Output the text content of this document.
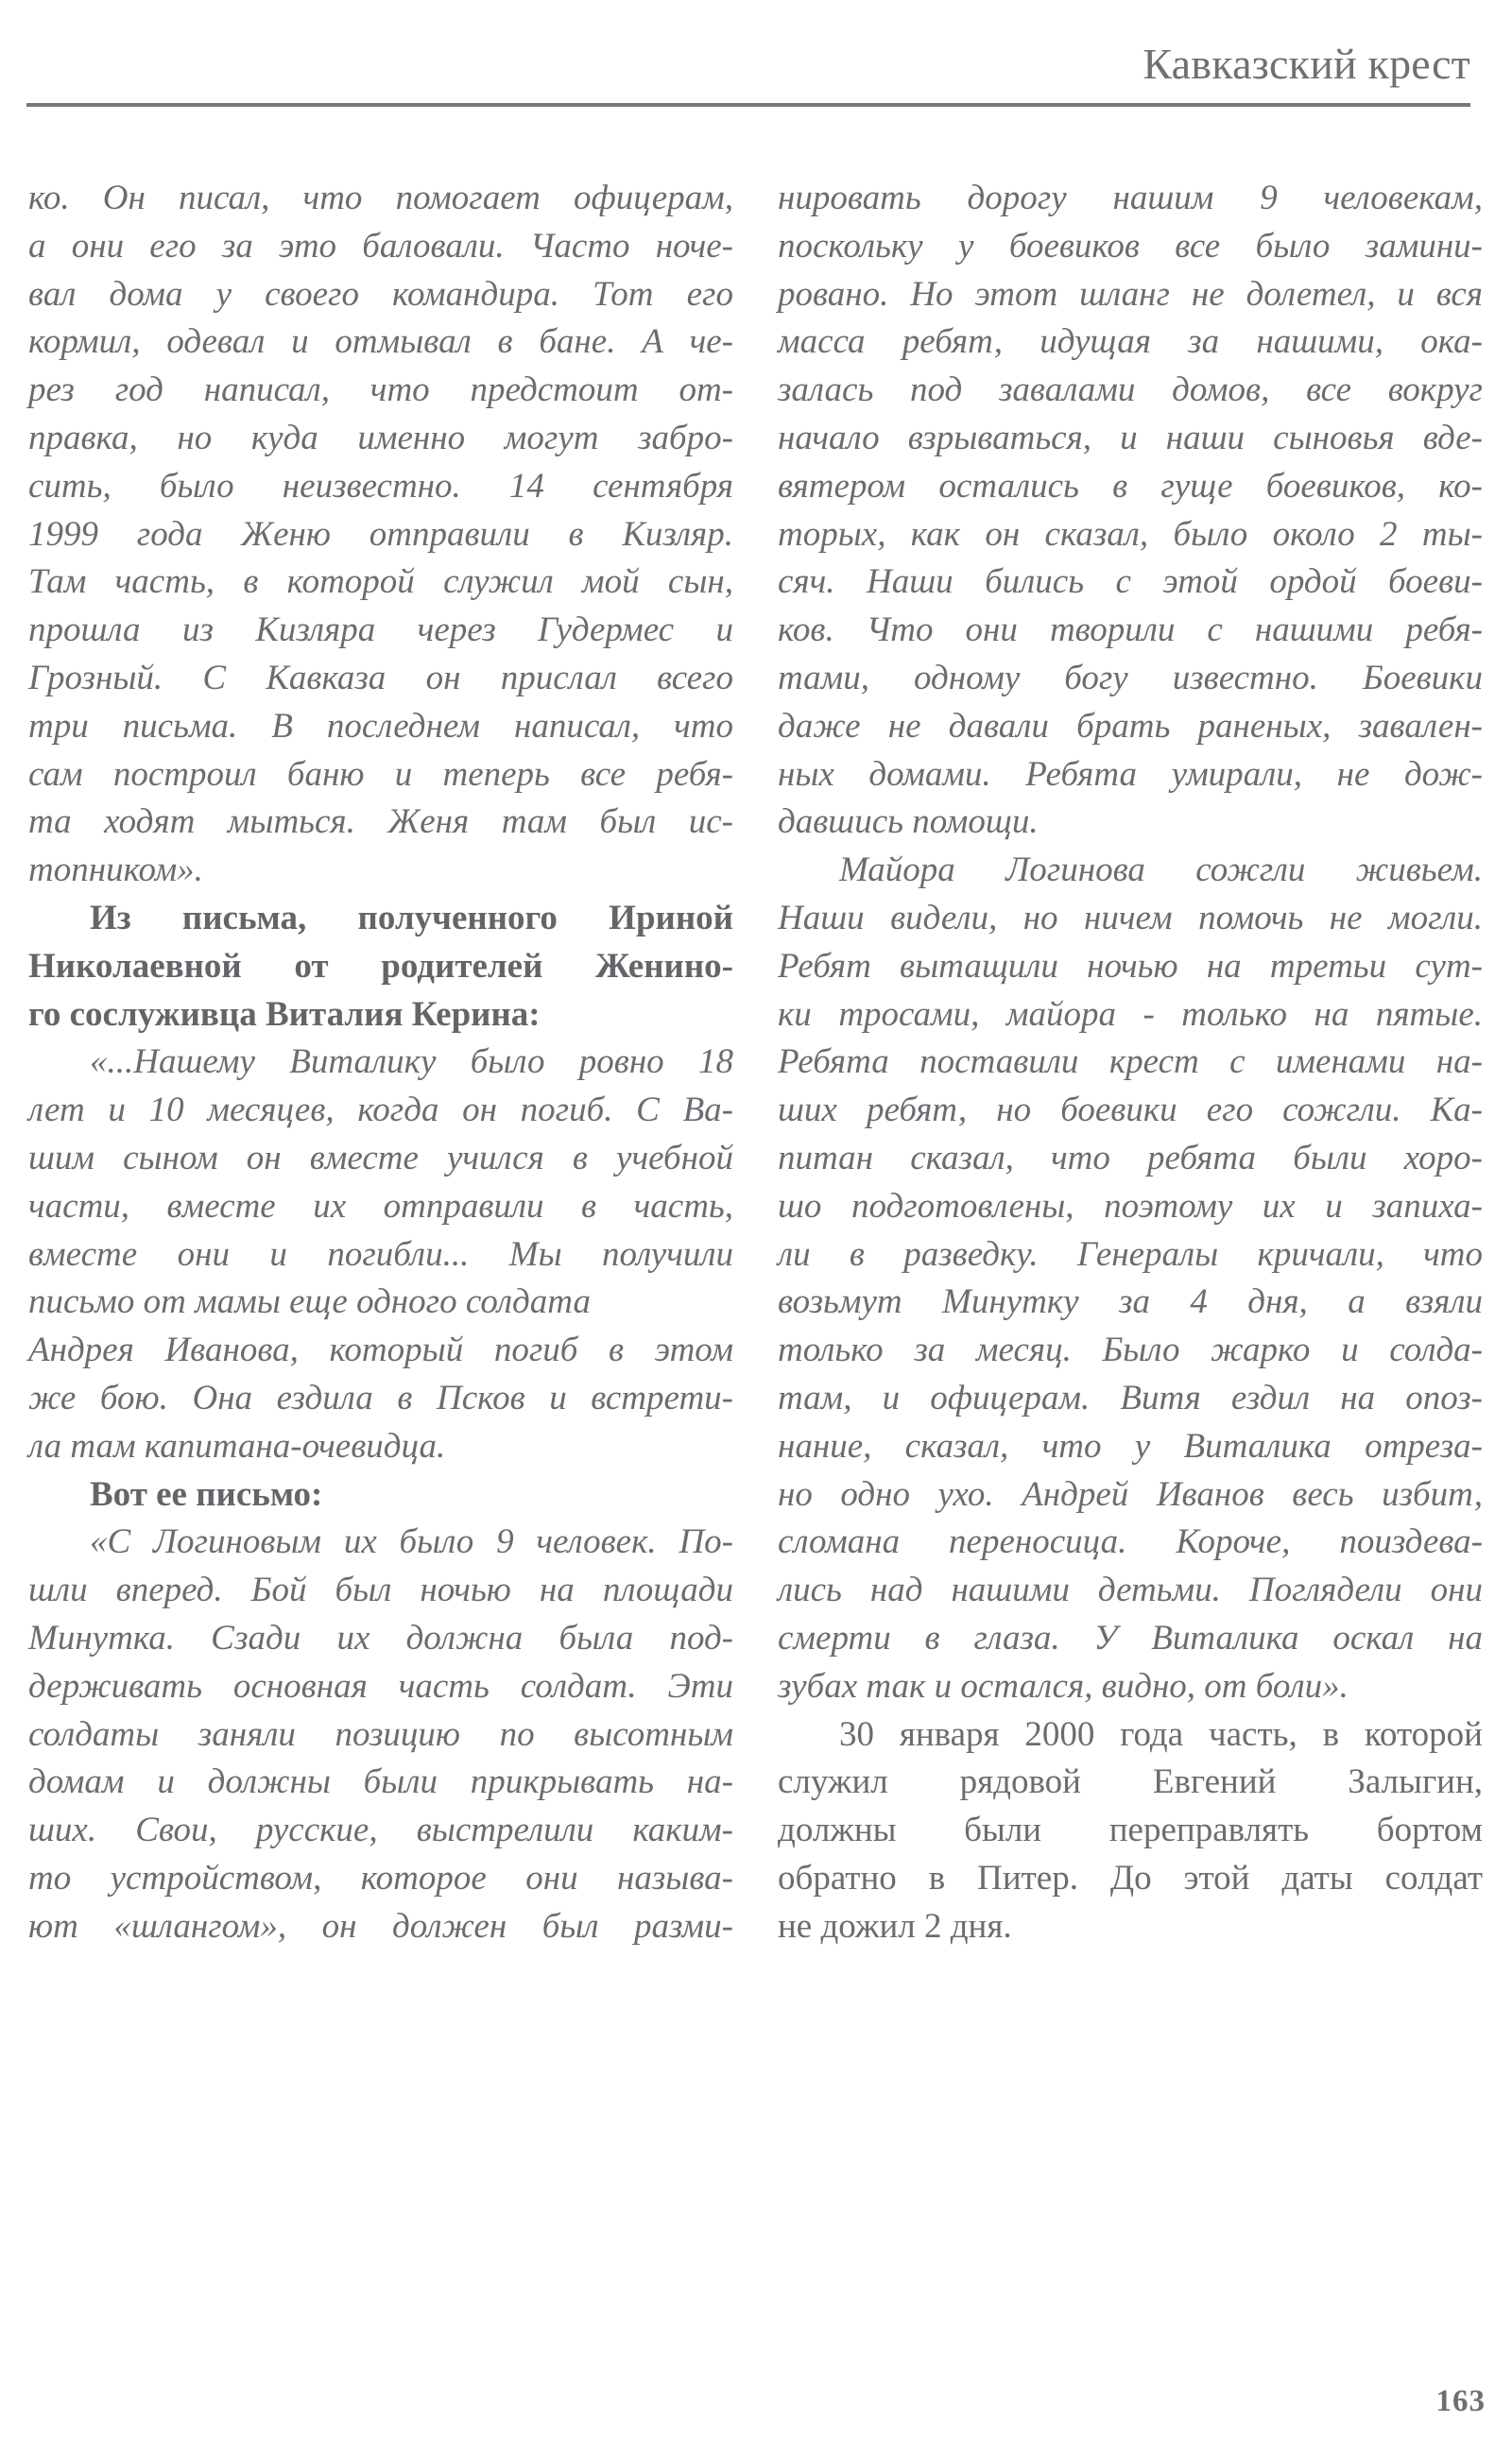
Кавказский крест
ко. Он писал, что помогает офицерам,
а они его за это баловали. Часто ноче-
вал дома у своего командира. Тот его
кормил, одевал и отмывал в бане. А че-
рез год написал, что предстоит от-
правка, но куда именно могут забро-
сить, было неизвестно. 14 сентября
1999 года Женю отправили в Кизляр.
Там часть, в которой служил мой сын,
прошла из Кизляра через Гудермес и
Грозный. С Кавказа он прислал всего
три письма. В последнем написал, что
сам построил баню и теперь все ребя-
та ходят мыться. Женя там был ис-
топником».
Из письма, полученного Ириной
Николаевной от родителей Женино-
го сослуживца Виталия Керина:
«...Нашему Виталику было ровно 18
лет и 10 месяцев, когда он погиб. С Ва-
шим сыном он вместе учился в учебной
части, вместе их отправили в часть,
вместе они и погибли... Мы получили
письмо от мамы еще одного солдата
Андрея Иванова, который погиб в этом
же бою. Она ездила в Псков и встрети-
ла там капитана-очевидца.
Вот ее письмо:
«С Логиновым их было 9 человек. По-
шли вперед. Бой был ночью на площади
Минутка. Сзади их должна была под-
держивать основная часть солдат. Эти
солдаты заняли позицию по высотным
домам и должны были прикрывать на-
ших. Свои, русские, выстрелили каким-
то устройством, которое они называ-
ют «шлангом», он должен был разми-
нировать дорогу нашим 9 человекам,
поскольку у боевиков все было замини-
ровано. Но этот шланг не долетел, и вся
масса ребят, идущая за нашими, ока-
залась под завалами домов, все вокруг
начало взрываться, и наши сыновья вде-
вятером остались в гуще боевиков, ко-
торых, как он сказал, было около 2 ты-
сяч. Наши бились с этой ордой боеви-
ков. Что они творили с нашими ребя-
тами, одному богу известно. Боевики
даже не давали брать раненых, завален-
ных домами. Ребята умирали, не дож-
давшись помощи.
Майора Логинова сожгли живьем.
Наши видели, но ничем помочь не могли.
Ребят вытащили ночью на третьи сут-
ки тросами, майора - только на пятые.
Ребята поставили крест с именами на-
ших ребят, но боевики его сожгли. Ка-
питан сказал, что ребята были хоро-
шо подготовлены, поэтому их и запиха-
ли в разведку. Генералы кричали, что
возьмут Минутку за 4 дня, а взяли
только за месяц. Было жарко и солда-
там, и офицерам. Витя ездил на опоз-
нание, сказал, что у Виталика отреза-
но одно ухо. Андрей Иванов весь избит,
сломана переносица. Короче, поиздева-
лись над нашими детьми. Поглядели они
смерти в глаза. У Виталика оскал на
зубах так и остался, видно, от боли».
30 января 2000 года часть, в которой
служил рядовой Евгений Залыгин,
должны были переправлять бортом
обратно в Питер. До этой даты солдат
не дожил 2 дня.
163
